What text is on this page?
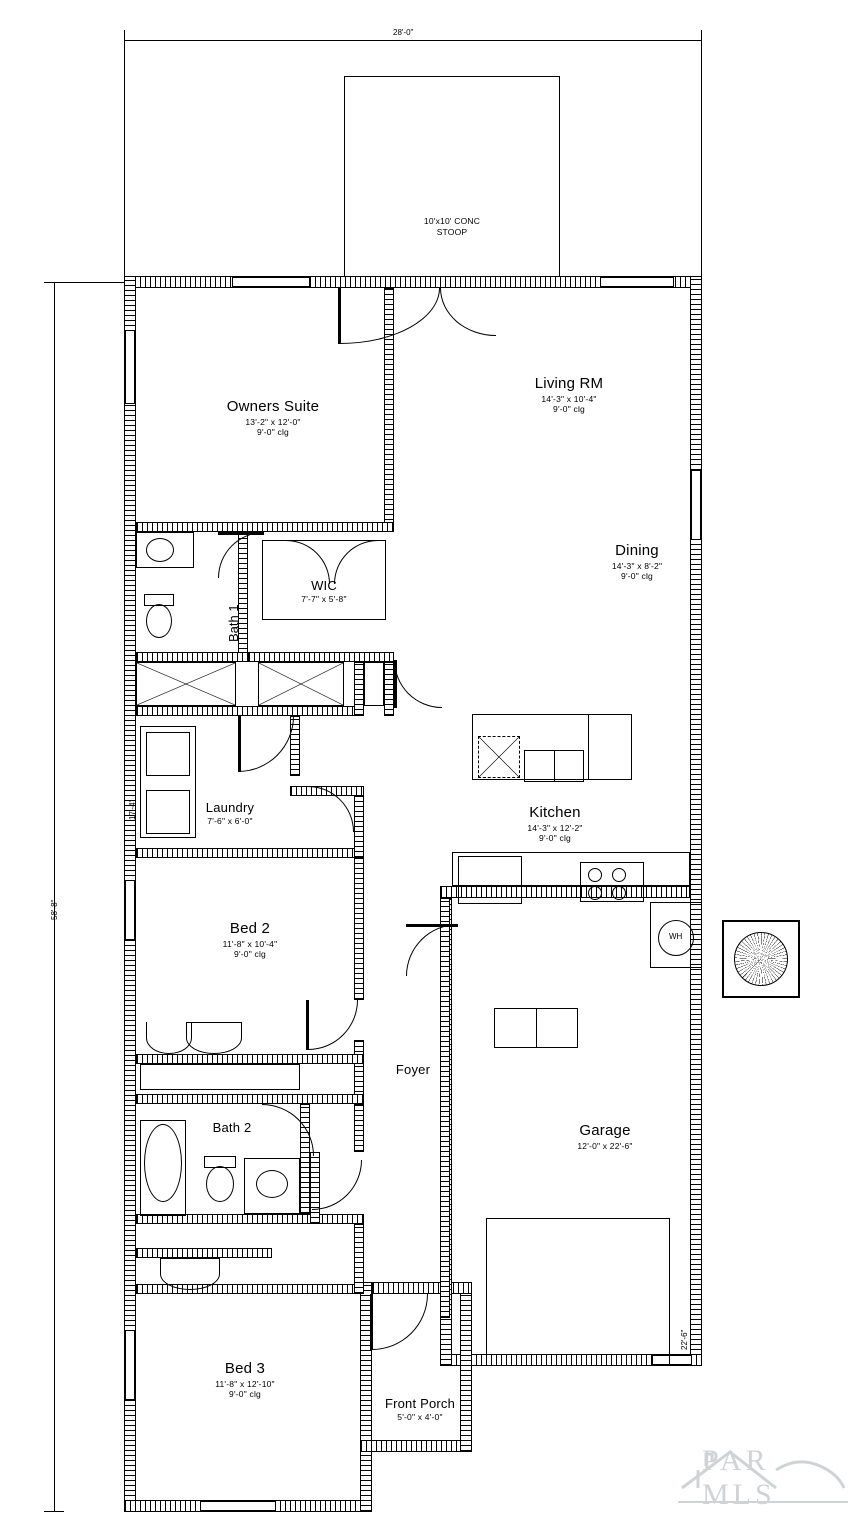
28'-0"
58'-8"
10'x10' CONC
STOOP
WH
Owners Suite
13'-2" x 12'-0"
9'-0" clg
Living RM
14'-3" x 10'-4"
9'-0" clg
Dining
14'-3" x 8'-2"
9'-0" clg
Kitchen
14'-3" x 12'-2"
9'-0" clg
WIC
7'-7" x 5'-8"
Bath 1
Laundry
7'-6" x 6'-0"
Bed 2
11'-8" x 10'-4"
9'-0" clg
Bath 2
Bed 3
11'-8" x 12'-10"
9'-0" clg
Foyer
Garage
12'-0" x 22'-6"
Front Porch
5'-0" x 4'-0"
17'-4"
22'-6"
PAR MLS
